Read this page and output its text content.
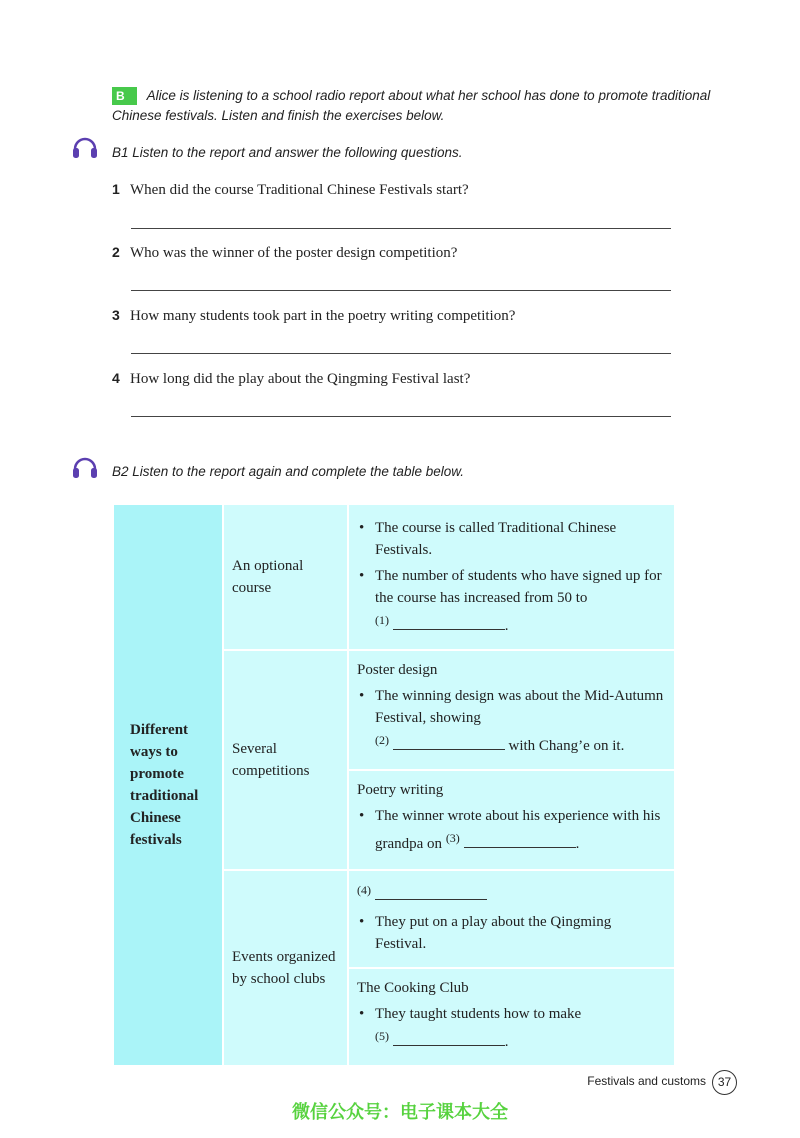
B Alice is listening to a school radio report about what her school has done to promote traditional Chinese festivals. Listen and finish the exercises below.
B1 Listen to the report and answer the following questions.
1 When did the course Traditional Chinese Festivals start?
2 Who was the winner of the poster design competition?
3 How many students took part in the poetry writing competition?
4 How long did the play about the Qingming Festival last?
B2 Listen to the report again and complete the table below.
Different ways to promote traditional Chinese festivals	An optional course	• The course is called Traditional Chinese Festivals.
• The number of students who have signed up for the course has increased from 50 to
$^{(1)}$ .

	Several competitions	Poster design
• The winning design was about the Mid-Autumn Festival, showing
$^{(2)}$ with Chang’e on it.

		Poetry writing
• The winner wrote about his experience with his grandpa on $^{(3)}$ .

	Events organized by school clubs	$^{(4)}$
• They put on a play about the Qingming Festival.

		The Cooking Club
• They taught students how to make
$^{(5)}$ .
Festivals and customs 37
微信公众号：电子课本大全
